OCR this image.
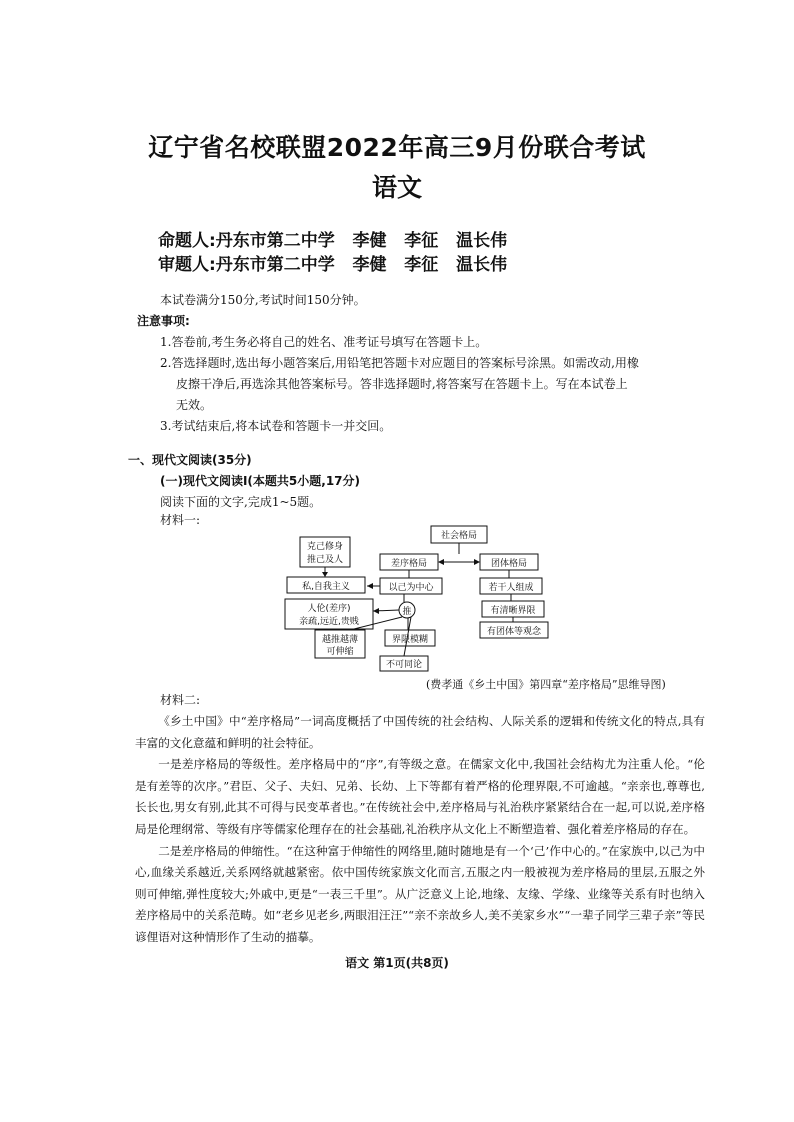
辽宁省名校联盟2022年高三9月份联合考试
语文
命题人:丹东市第二中学   李健   李征   温长伟
审题人:丹东市第二中学   李健   李征   温长伟
本试卷满分150分,考试时间150分钟。
注意事项:
1.答卷前,考生务必将自己的姓名、准考证号填写在答题卡上。
2.答选择题时,选出每小题答案后,用铅笔把答题卡对应题目的答案标号涂黑。如需改动,用橡
皮擦干净后,再选涂其他答案标号。答非选择题时,将答案写在答题卡上。写在本试卷上
无效。
3.考试结束后,将本试卷和答题卡一并交回。
一、现代文阅读(35分)
(一)现代文阅读Ⅰ(本题共5小题,17分)
阅读下面的文字,完成1~5题。
材料一:
社会格局
克己修身
推己及人	差序格局	团体格局
私,自我主义	以己为中心	若干人组成
人伦(差序)
亲疏,远近,贵贱
推	有清晰界限
有团体等观念
越推越薄
可伸缩
界限模糊
不可同论
(费孝通《乡土中国》第四章“差序格局”思维导图)
材料二:

《乡土中国》中“差序格局”一词高度概括了中国传统的社会结构、人际关系的逻辑和传统文化的特点,具有丰富的文化意蕴和鲜明的社会特征。

一是差序格局的等级性。差序格局中的“序”,有等级之意。在儒家文化中,我国社会结构尤为注重人伦。“伦是有差等的次序。”君臣、父子、夫妇、兄弟、长幼、上下等都有着严格的伦理界限,不可逾越。“亲亲也,尊尊也,长长也,男女有别,此其不可得与民变革者也。”在传统社会中,差序格局与礼治秩序紧紧结合在一起,可以说,差序格局是伦理纲常、等级有序等儒家伦理存在的社会基础,礼治秩序从文化上不断塑造着、强化着差序格局的存在。

二是差序格局的伸缩性。“在这种富于伸缩性的网络里,随时随地是有一个‘己’作中心的。”在家族中,以己为中心,血缘关系越近,关系网络就越紧密。依中国传统家族文化而言,五服之内一般被视为差序格局的里层,五服之外则可伸缩,弹性度较大;外戚中,更是“一表三千里”。从广泛意义上论,地缘、友缘、学缘、业缘等关系有时也纳入差序格局中的关系范畴。如“老乡见老乡,两眼泪汪汪”“亲不亲故乡人,美不美家乡水”“一辈子同学三辈子亲”等民谚俚语对这种情形作了生动的描摹。

语文 第1页(共8页)
